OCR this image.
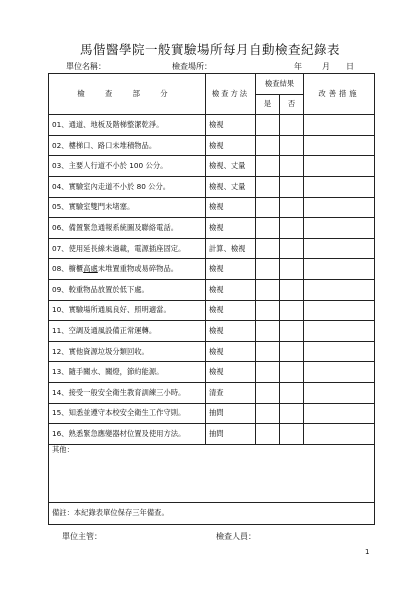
馬偕醫學院一般實驗場所每月自動檢查紀錄表
單位名稱：	檢查場所：	年	月 日
檢 查 部 分	檢查方法	檢查結果		改善措施
		是	否	
01、通道、地板及階梯整潔乾淨。	檢視			
02、樓梯口、路口未堆積物品。	檢視			
03、主要人行道不小於 100 公分。	檢視、丈量			
04、實驗室內走道不小於 80 公分。	檢視、丈量			
05、實驗室雙門未堵塞。	檢視			
06、備置緊急通報系統圖及聯絡電話。	檢視			
07、使用延長線未過載，電源插座固定。	計算、檢視			
08、櫥櫃高處未堆置重物或易碎物品。	檢視			
09、較重物品放置於低下處。	檢視			
10、實驗場所通風良好、照明適當。	檢視			
11、空調及通風設備正常運轉。	檢視			
12、實他資源垃圾分類回收。	檢視			
13、隨手關水、關燈，節約能源。	檢視			
14、接受一般安全衛生教育訓練三小時。	清查			
15、知悉並遵守本校安全衛生工作守則。	抽問			
16、熟悉緊急應變器材位置及使用方法。	抽問			
其他：				
備註：本紀錄表單位保存三年備查。				
單位主管：	檢查人員：
1
